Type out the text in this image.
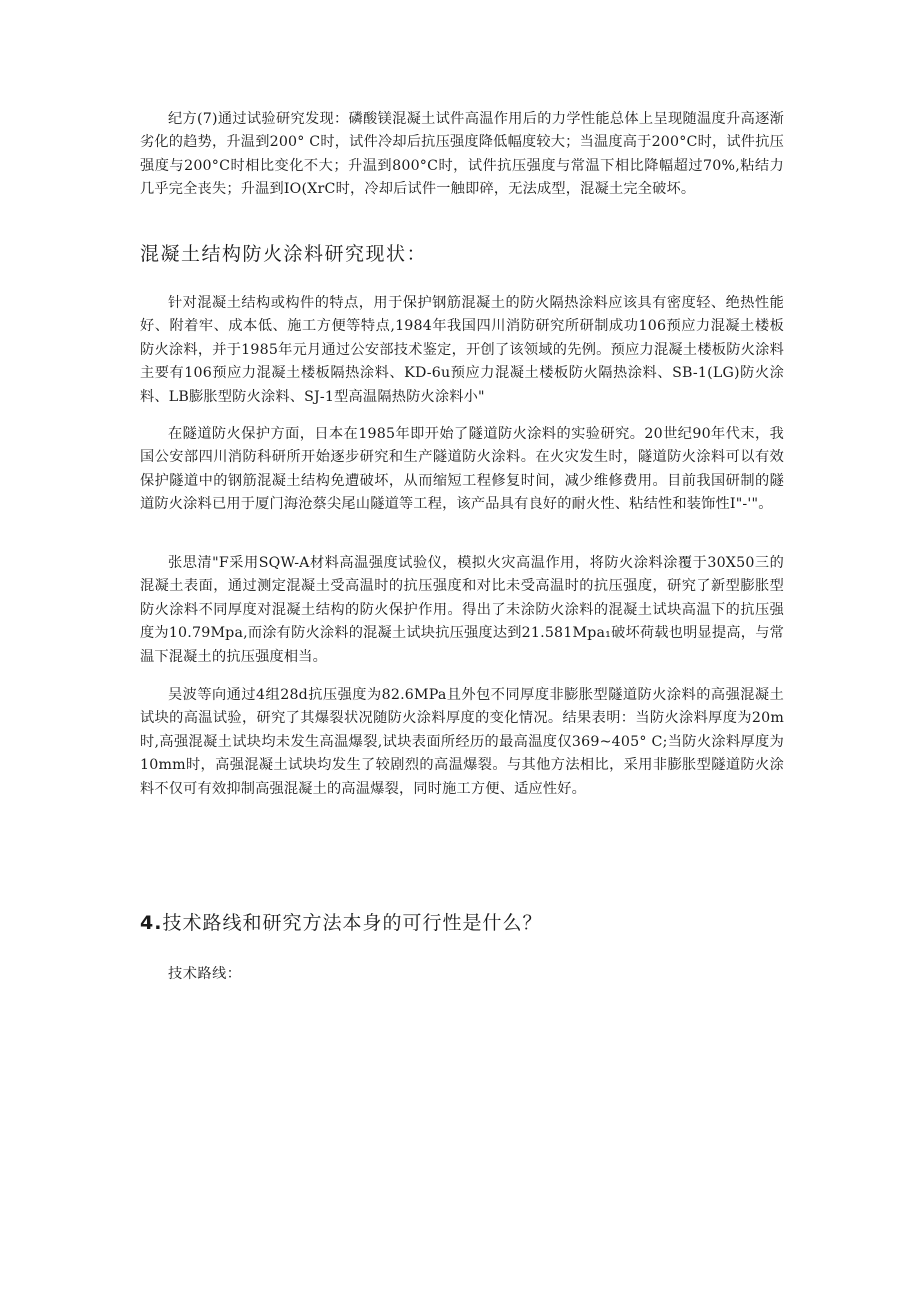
纪方(7)通过试验研究发现：磷酸镁混凝土试件高温作用后的力学性能总体上呈现随温度升高逐渐劣化的趋势，升温到200° C时，试件冷却后抗压强度降低幅度较大；当温度高于200°C时，试件抗压强度与200°C时相比变化不大；升温到800°C时，试件抗压强度与常温下相比降幅超过70%,粘结力几乎完全丧失；升温到IO(XrC时，冷却后试件一触即碎，无法成型，混凝土完全破坏。

混凝土结构防火涂料研究现状：

针对混凝土结构或构件的特点，用于保护钢筋混凝土的防火隔热涂料应该具有密度轻、绝热性能好、附着牢、成本低、施工方便等特点,1984年我国四川消防研究所研制成功106预应力混凝土楼板防火涂料，并于1985年元月通过公安部技术鉴定，开创了该领域的先例。预应力混凝土楼板防火涂料主要有106预应力混凝土楼板隔热涂料、KD-6u预应力混凝土楼板防火隔热涂料、SB-1(LG)防火涂料、LB膨胀型防火涂料、SJ-1型高温隔热防火涂料小"

在隧道防火保护方面，日本在1985年即开始了隧道防火涂料的实验研究。20世纪90年代末，我国公安部四川消防科研所开始逐步研究和生产隧道防火涂料。在火灾发生时，隧道防火涂料可以有效保护隧道中的钢筋混凝土结构免遭破坏，从而缩短工程修复时间，减少维修费用。目前我国研制的隧道防火涂料已用于厦门海沧蔡尖尾山隧道等工程，该产品具有良好的耐火性、粘结性和装饰性I"-'"。

张思清"F采用SQW-A材料高温强度试验仪，模拟火灾高温作用，将防火涂料涂覆于30X50三的混凝土表面，通过测定混凝土受高温时的抗压强度和对比未受高温时的抗压强度，研究了新型膨胀型防火涂料不同厚度对混凝土结构的防火保护作用。得出了未涂防火涂料的混凝土试块高温下的抗压强度为10.79Mpa,而涂有防火涂料的混凝土试块抗压强度达到21.581Mpa₁破坏荷载也明显提高，与常温下混凝土的抗压强度相当。

吴波等向通过4组28d抗压强度为82.6MPa且外包不同厚度非膨胀型隧道防火涂料的高强混凝土试块的高温试验，研究了其爆裂状况随防火涂料厚度的变化情况。结果表明：当防火涂料厚度为20m时,高强混凝土试块均未发生高温爆裂,试块表面所经历的最高温度仅369~405° C;当防火涂料厚度为10mm时，高强混凝土试块均发生了较剧烈的高温爆裂。与其他方法相比，采用非膨胀型隧道防火涂料不仅可有效抑制高强混凝土的高温爆裂，同时施工方便、适应性好。

4.技术路线和研究方法本身的可行性是什么？

技术路线：
